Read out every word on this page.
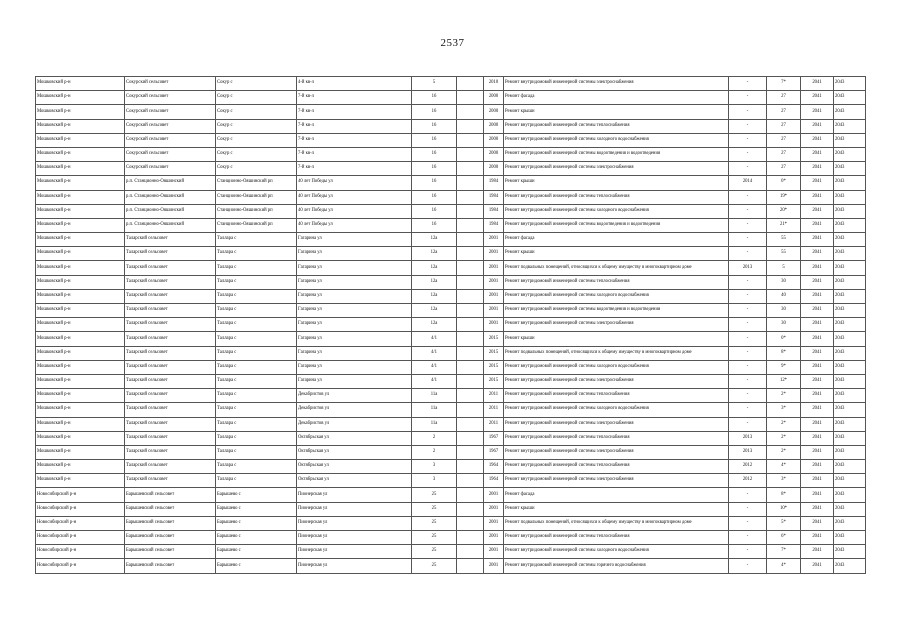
2537
Мошковский р-н	Сокурский сельсовет	Сокур с	4-й кв-л	5		2010	Ремонт внутридомовой инженерной системы электроснабжения	-	7*	2041	2043
Мошковский р-н	Сокурский сельсовет	Сокур с	7-й кв-л	16		2000	Ремонт фасада	-	27	2041	2043
Мошковский р-н	Сокурский сельсовет	Сокур с	7-й кв-л	16		2000	Ремонт крыши	-	27	2041	2043
Мошковский р-н	Сокурский сельсовет	Сокур с	7-й кв-л	16		2000	Ремонт внутридомовой инженерной системы теплоснабжения	-	27	2041	2043
Мошковский р-н	Сокурский сельсовет	Сокур с	7-й кв-л	16		2000	Ремонт внутридомовой инженерной системы холодного водоснабжения	-	27	2041	2043
Мошковский р-н	Сокурский сельсовет	Сокур с	7-й кв-л	16		2000	Ремонт внутридомовой инженерной системы водоотведения и водоотведения	-	27	2041	2043
Мошковский р-н	Сокурский сельсовет	Сокур с	7-й кв-л	16		2000	Ремонт внутридомовой инженерной системы электроснабжения	-	27	2041	2043
Мошковский р-н	р.п. Станционно-Ояшинский	Станционно-Ояшинский рп	40 лет Победы ул	16		1984	Ремонт крыши	2014	0*	2041	2043
Мошковский р-н	р.п. Станционно-Ояшинский	Станционно-Ояшинский рп	40 лет Победы ул	16		1984	Ремонт внутридомовой инженерной системы теплоснабжения	-	19*	2041	2043
Мошковский р-н	р.п. Станционно-Ояшинский	Станционно-Ояшинский рп	40 лет Победы ул	16		1984	Ремонт внутридомовой инженерной системы холодного водоснабжения	-	20*	2041	2043
Мошковский р-н	р.п. Станционно-Ояшинский	Станционно-Ояшинский рп	40 лет Победы ул	16		1984	Ремонт внутридомовой инженерной системы водоотведения и водоотведения	-	21*	2041	2043
Мошковский р-н	Таларский сельсовет	Таллара с	Гагарина ул	12а		2001	Ремонт фасада	-	55	2041	2043
Мошковский р-н	Таларский сельсовет	Таллара с	Гагарина ул	12а		2001	Ремонт крыши	-	55	2041	2043
Мошковский р-н	Таларский сельсовет	Таллара с	Гагарина ул	12а		2001	Ремонт подвальных помещений, относящихся к общему имуществу в многоквартирном доме	2013	5	2041	2043
Мошковский р-н	Таларский сельсовет	Таллара с	Гагарина ул	12а		2001	Ремонт внутридомовой инженерной системы теплоснабжения	-	30	2041	2043
Мошковский р-н	Таларский сельсовет	Таллара с	Гагарина ул	12а		2001	Ремонт внутридомовой инженерной системы холодного водоснабжения	-	40	2041	2043
Мошковский р-н	Таларский сельсовет	Таллара с	Гагарина ул	12а		2001	Ремонт внутридомовой инженерной системы водоотведения и водоотведения	-	30	2041	2043
Мошковский р-н	Таларский сельсовет	Таллара с	Гагарина ул	12а		2001	Ремонт внутридомовой инженерной системы электроснабжения	-	30	2041	2043
Мошковский р-н	Таларский сельсовет	Таллара с	Гагарина ул	4/1		2015	Ремонт крыши	-	0*	2041	2043
Мошковский р-н	Таларский сельсовет	Таллара с	Гагарина ул	4/1		2015	Ремонт подвальных помещений, относящихся к общему имуществу в многоквартирном доме	-	8*	2041	2043
Мошковский р-н	Таларский сельсовет	Таллара с	Гагарина ул	4/1		2015	Ремонт внутридомовой инженерной системы холодного водоснабжения	-	9*	2041	2043
Мошковский р-н	Таларский сельсовет	Таллара с	Гагарина ул	4/1		2015	Ремонт внутридомовой инженерной системы электроснабжения	-	12*	2041	2043
Мошковский р-н	Таларский сельсовет	Таллара с	Декабристов ул	11а		2011	Ремонт внутридомовой инженерной системы теплоснабжения	-	2*	2041	2043
Мошковский р-н	Таларский сельсовет	Таллара с	Декабристов ул	11а		2011	Ремонт внутридомовой инженерной системы холодного водоснабжения	-	3*	2041	2043
Мошковский р-н	Таларский сельсовет	Таллара с	Декабристов ул	11а		2011	Ремонт внутридомовой инженерной системы электроснабжения	-	2*	2041	2043
Мошковский р-н	Таларский сельсовет	Таллара с	Октябрьская ул	2		1967	Ремонт внутридомовой инженерной системы теплоснабжения	2013	2*	2041	2043
Мошковский р-н	Таларский сельсовет	Таллара с	Октябрьская ул	2		1967	Ремонт внутридомовой инженерной системы электроснабжения	2013	2*	2041	2043
Мошковский р-н	Таларский сельсовет	Таллара с	Октябрьская ул	3		1964	Ремонт внутридомовой инженерной системы теплоснабжения	2012	4*	2041	2043
Мошковский р-н	Таларский сельсовет	Таллара с	Октябрьская ул	3		1964	Ремонт внутридомовой инженерной системы электроснабжения	2012	3*	2041	2043
Новосибирский р-н	Барышевский сельсовет	Барышево с	Пионерская ул	25		2001	Ремонт фасада	-	8*	2041	2043
Новосибирский р-н	Барышевский сельсовет	Барышево с	Пионерская ул	25		2001	Ремонт крыши	-	10*	2041	2043
Новосибирский р-н	Барышевский сельсовет	Барышево с	Пионерская ул	25		2001	Ремонт подвальных помещений, относящихся к общему имуществу в многоквартирном доме	-	5*	2041	2043
Новосибирский р-н	Барышевский сельсовет	Барышево с	Пионерская ул	25		2001	Ремонт внутридомовой инженерной системы теплоснабжения	-	6*	2041	2043
Новосибирский р-н	Барышевский сельсовет	Барышево с	Пионерская ул	25		2001	Ремонт внутридомовой инженерной системы холодного водоснабжения	-	7*	2041	2043
Новосибирский р-н	Барышевский сельсовет	Барышево с	Пионерская ул	25		2001	Ремонт внутридомовой инженерной системы горячего водоснабжения	-	4*	2041	2043
